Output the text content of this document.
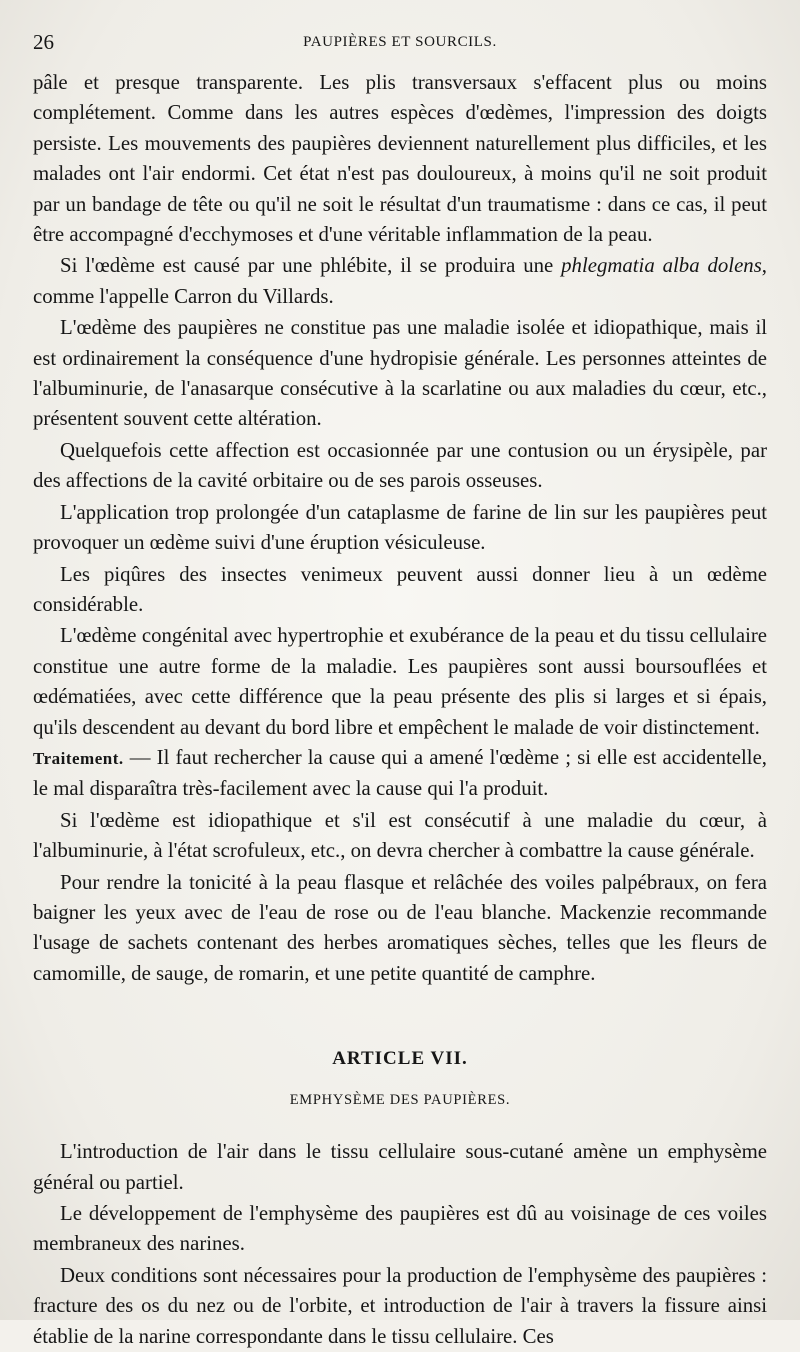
26	PAUPIÈRES ET SOURCILS.

pâle et presque transparente. Les plis transversaux s'effacent plus ou moins complétement. Comme dans les autres espèces d'œdèmes, l'impression des doigts persiste. Les mouvements des paupières deviennent naturellement plus difficiles, et les malades ont l'air endormi. Cet état n'est pas douloureux, à moins qu'il ne soit produit par un bandage de tête ou qu'il ne soit le résultat d'un traumatisme : dans ce cas, il peut être accompagné d'ecchymoses et d'une véritable inflammation de la peau.

Si l'œdème est causé par une phlébite, il se produira une phlegmatia alba dolens, comme l'appelle Carron du Villards.

L'œdème des paupières ne constitue pas une maladie isolée et idiopathique, mais il est ordinairement la conséquence d'une hydropisie générale. Les personnes atteintes de l'albuminurie, de l'anasarque consécutive à la scarlatine ou aux maladies du cœur, etc., présentent souvent cette altération.

Quelquefois cette affection est occasionnée par une contusion ou un érysipèle, par des affections de la cavité orbitaire ou de ses parois osseuses.

L'application trop prolongée d'un cataplasme de farine de lin sur les paupières peut provoquer un œdème suivi d'une éruption vésiculeuse.

Les piqûres des insectes venimeux peuvent aussi donner lieu à un œdème considérable.

L'œdème congénital avec hypertrophie et exubérance de la peau et du tissu cellulaire constitue une autre forme de la maladie. Les paupières sont aussi boursouflées et œdématiées, avec cette différence que la peau présente des plis si larges et si épais, qu'ils descendent au devant du bord libre et empêchent le malade de voir distinctement.

Traitement. — Il faut rechercher la cause qui a amené l'œdème ; si elle est accidentelle, le mal disparaîtra très-facilement avec la cause qui l'a produit.

Si l'œdème est idiopathique et s'il est consécutif à une maladie du cœur, à l'albuminurie, à l'état scrofuleux, etc., on devra chercher à combattre la cause générale.

Pour rendre la tonicité à la peau flasque et relâchée des voiles palpébraux, on fera baigner les yeux avec de l'eau de rose ou de l'eau blanche. Mackenzie recommande l'usage de sachets contenant des herbes aromatiques sèches, telles que les fleurs de camomille, de sauge, de romarin, et une petite quantité de camphre.

ARTICLE VII.
EMPHYSÈME DES PAUPIÈRES.

L'introduction de l'air dans le tissu cellulaire sous-cutané amène un emphysème général ou partiel.

Le développement de l'emphysème des paupières est dû au voisinage de ces voiles membraneux des narines.

Deux conditions sont nécessaires pour la production de l'emphysème des paupières : fracture des os du nez ou de l'orbite, et introduction de l'air à travers la fissure ainsi établie de la narine correspondante dans le tissu cellulaire. Ces
